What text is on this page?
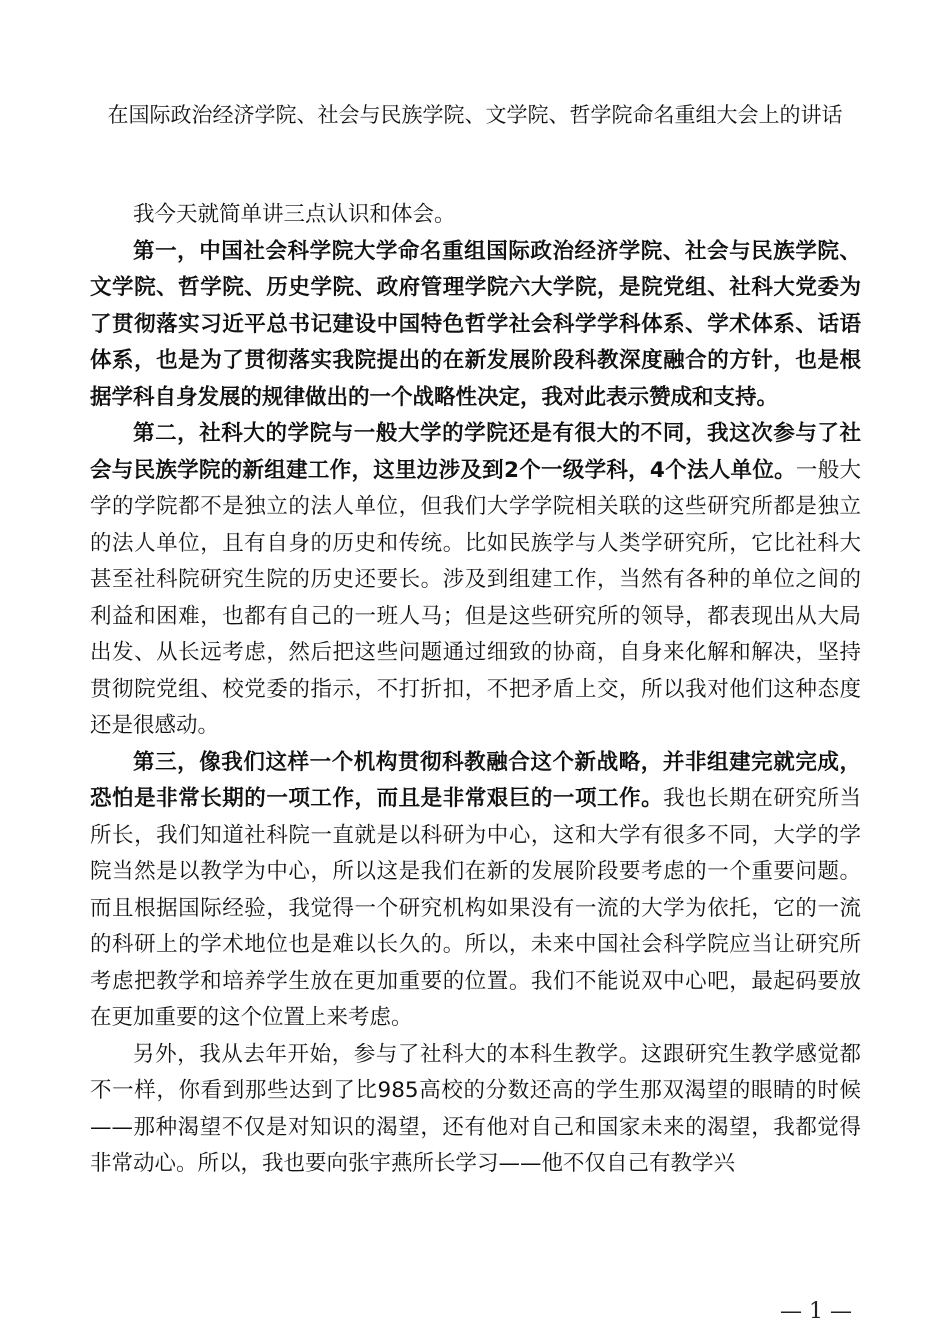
在国际政治经济学院、社会与民族学院、文学院、哲学院命名重组大会上的讲话

我今天就简单讲三点认识和体会。

第一，中国社会科学院大学命名重组国际政治经济学院、社会与民族学院、文学院、哲学院、历史学院、政府管理学院六大学院，是院党组、社科大党委为了贯彻落实习近平总书记建设中国特色哲学社会科学学科体系、学术体系、话语体系，也是为了贯彻落实我院提出的在新发展阶段科教深度融合的方针，也是根据学科自身发展的规律做出的一个战略性决定，我对此表示赞成和支持。

第二，社科大的学院与一般大学的学院还是有很大的不同，我这次参与了社会与民族学院的新组建工作，这里边涉及到2个一级学科，4个法人单位。一般大学的学院都不是独立的法人单位，但我们大学学院相关联的这些研究所都是独立的法人单位，且有自身的历史和传统。比如民族学与人类学研究所，它比社科大甚至社科院研究生院的历史还要长。涉及到组建工作，当然有各种的单位之间的利益和困难，也都有自己的一班人马；但是这些研究所的领导，都表现出从大局出发、从长远考虑，然后把这些问题通过细致的协商，自身来化解和解决，坚持贯彻院党组、校党委的指示，不打折扣，不把矛盾上交，所以我对他们这种态度还是很感动。

第三，像我们这样一个机构贯彻科教融合这个新战略，并非组建完就完成，恐怕是非常长期的一项工作，而且是非常艰巨的一项工作。我也长期在研究所当所长，我们知道社科院一直就是以科研为中心，这和大学有很多不同，大学的学院当然是以教学为中心，所以这是我们在新的发展阶段要考虑的一个重要问题。而且根据国际经验，我觉得一个研究机构如果没有一流的大学为依托，它的一流的科研上的学术地位也是难以长久的。所以，未来中国社会科学院应当让研究所考虑把教学和培养学生放在更加重要的位置。我们不能说双中心吧，最起码要放在更加重要的这个位置上来考虑。

另外，我从去年开始，参与了社科大的本科生教学。这跟研究生教学感觉都不一样，你看到那些达到了比985高校的分数还高的学生那双渴望的眼睛的时候——那种渴望不仅是对知识的渴望，还有他对自己和国家未来的渴望，我都觉得非常动心。所以，我也要向张宇燕所长学习——他不仅自己有教学兴

— 1 —
